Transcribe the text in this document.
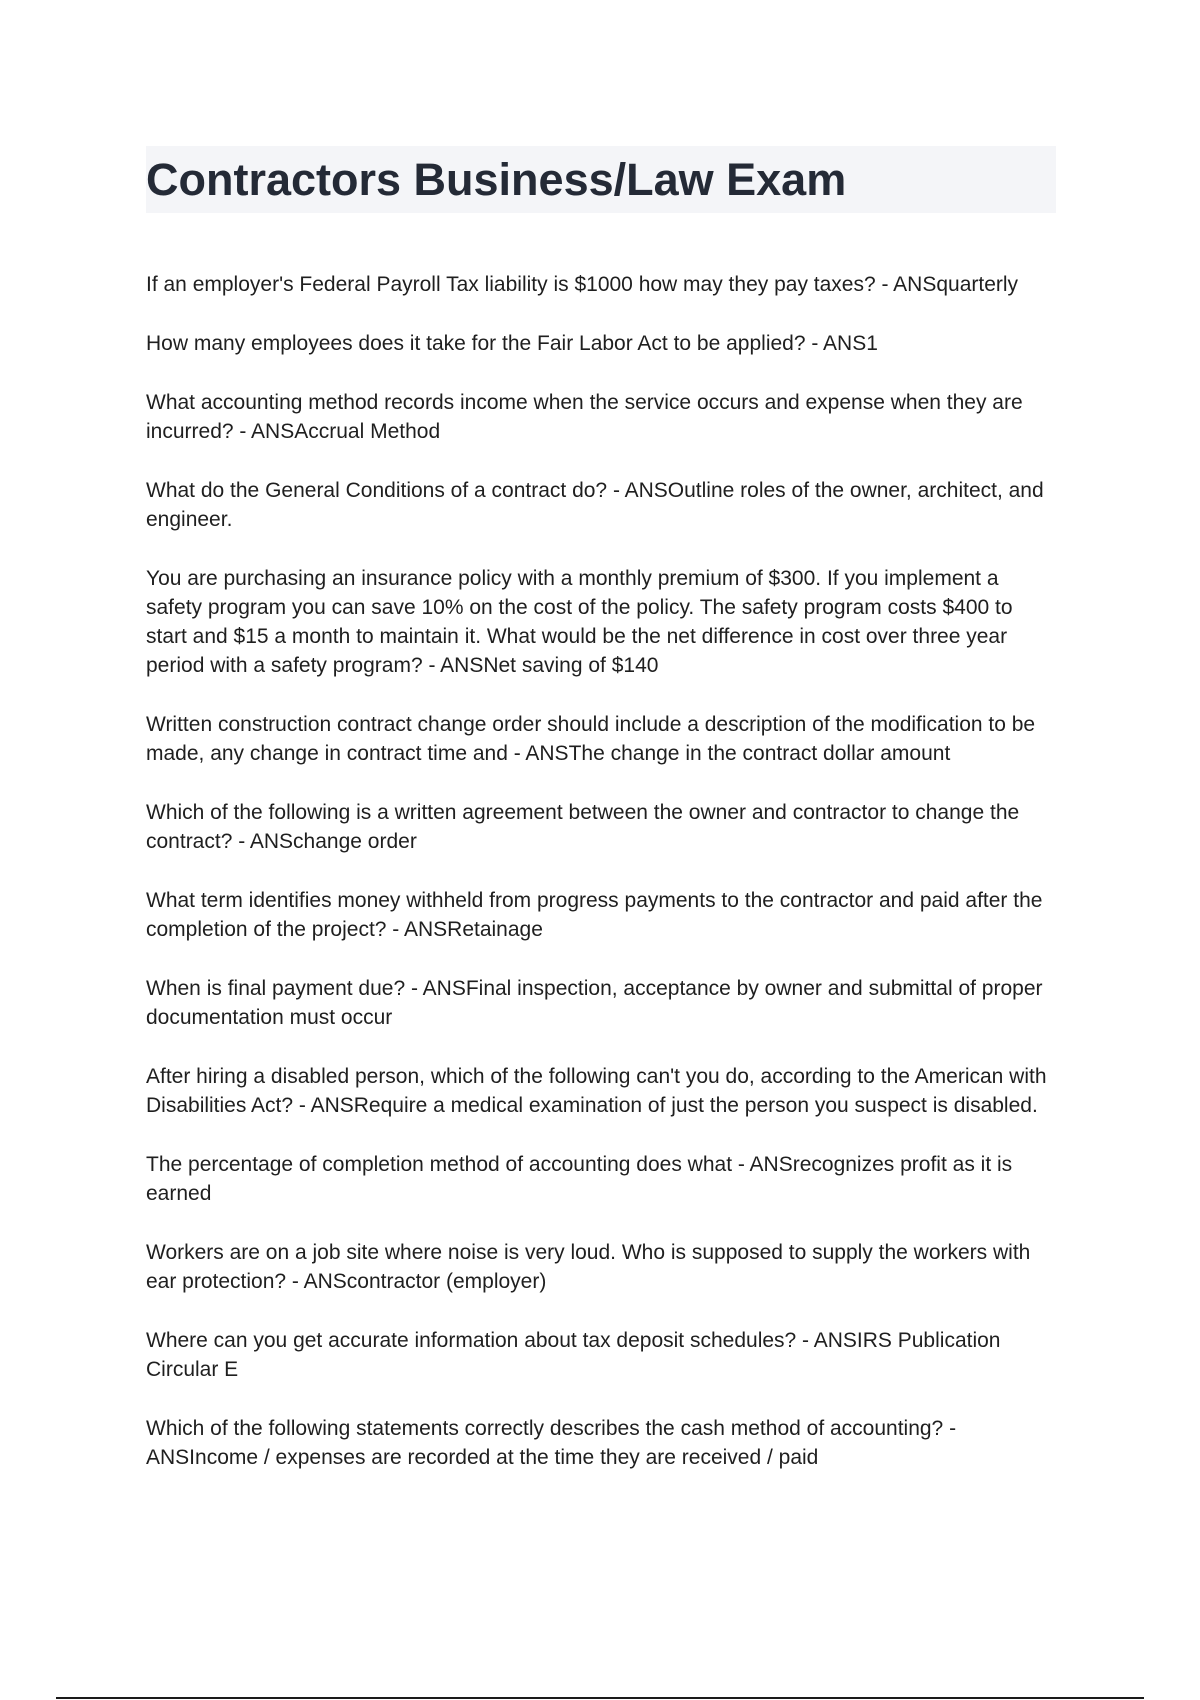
Contractors Business/Law Exam
If an employer's Federal Payroll Tax liability is $1000 how may they pay taxes? - ANSquarterly
How many employees does it take for the Fair Labor Act to be applied? - ANS1
What accounting method records income when the service occurs and expense when they are incurred? - ANSAccrual Method
What do the General Conditions of a contract do? - ANSOutline roles of the owner, architect, and engineer.
You are purchasing an insurance policy with a monthly premium of $300. If you implement a safety program you can save 10% on the cost of the policy. The safety program costs $400 to start and $15 a month to maintain it. What would be the net difference in cost over three year period with a safety program? - ANSNet saving of $140
Written construction contract change order should include a description of the modification to be made, any change in contract time and - ANSThe change in the contract dollar amount
Which of the following is a written agreement between the owner and contractor to change the contract? - ANSchange order
What term identifies money withheld from progress payments to the contractor and paid after the completion of the project? - ANSRetainage
When is final payment due? - ANSFinal inspection, acceptance by owner and submittal of proper documentation must occur
After hiring a disabled person, which of the following can't you do, according to the American with Disabilities Act? - ANSRequire a medical examination of just the person you suspect is disabled.
The percentage of completion method of accounting does what - ANSrecognizes profit as it is earned
Workers are on a job site where noise is very loud. Who is supposed to supply the workers with ear protection? - ANScontractor (employer)
Where can you get accurate information about tax deposit schedules? - ANSIRS Publication Circular E
Which of the following statements correctly describes the cash method of accounting? - ANSIncome / expenses are recorded at the time they are received / paid
